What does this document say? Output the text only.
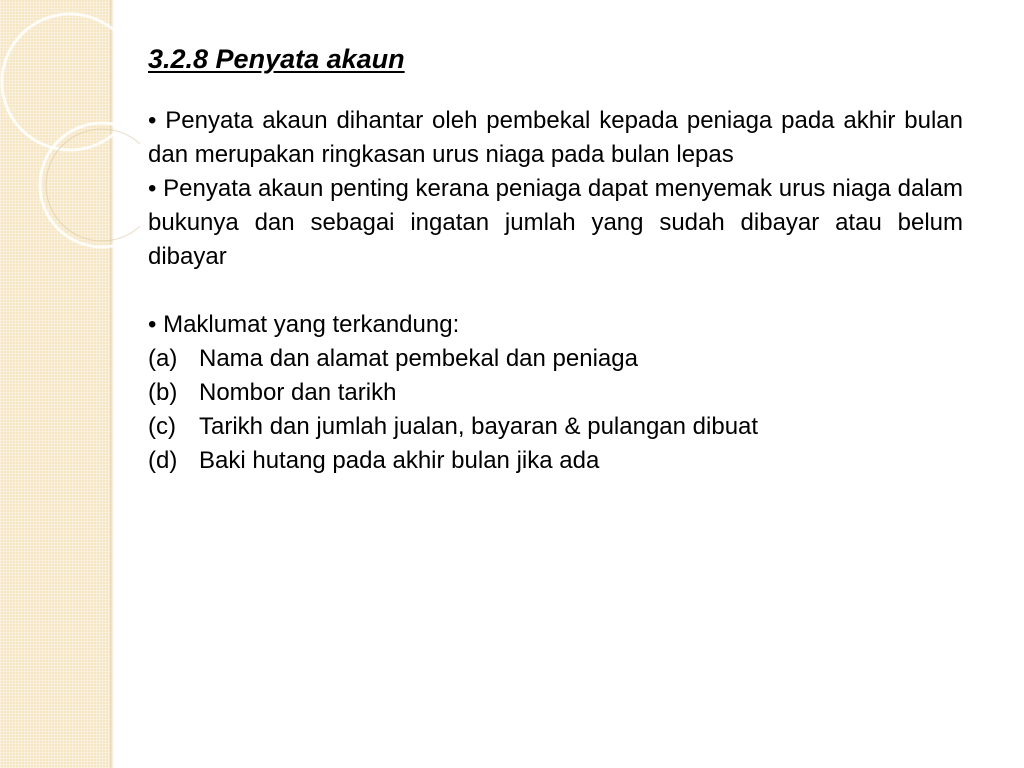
3.2.8 Penyata akaun

• Penyata akaun dihantar oleh pembekal kepada peniaga pada akhir bulan dan merupakan ringkasan urus niaga pada bulan lepas

• Penyata akaun penting kerana peniaga dapat menyemak urus niaga dalam bukunya dan sebagai ingatan jumlah yang sudah dibayar atau belum dibayar

• Maklumat yang terkandung:

(a) Nama dan alamat pembekal dan peniaga
(b) Nombor dan tarikh
(c) Tarikh dan jumlah jualan, bayaran & pulangan dibuat
(d) Baki hutang pada akhir bulan jika ada
